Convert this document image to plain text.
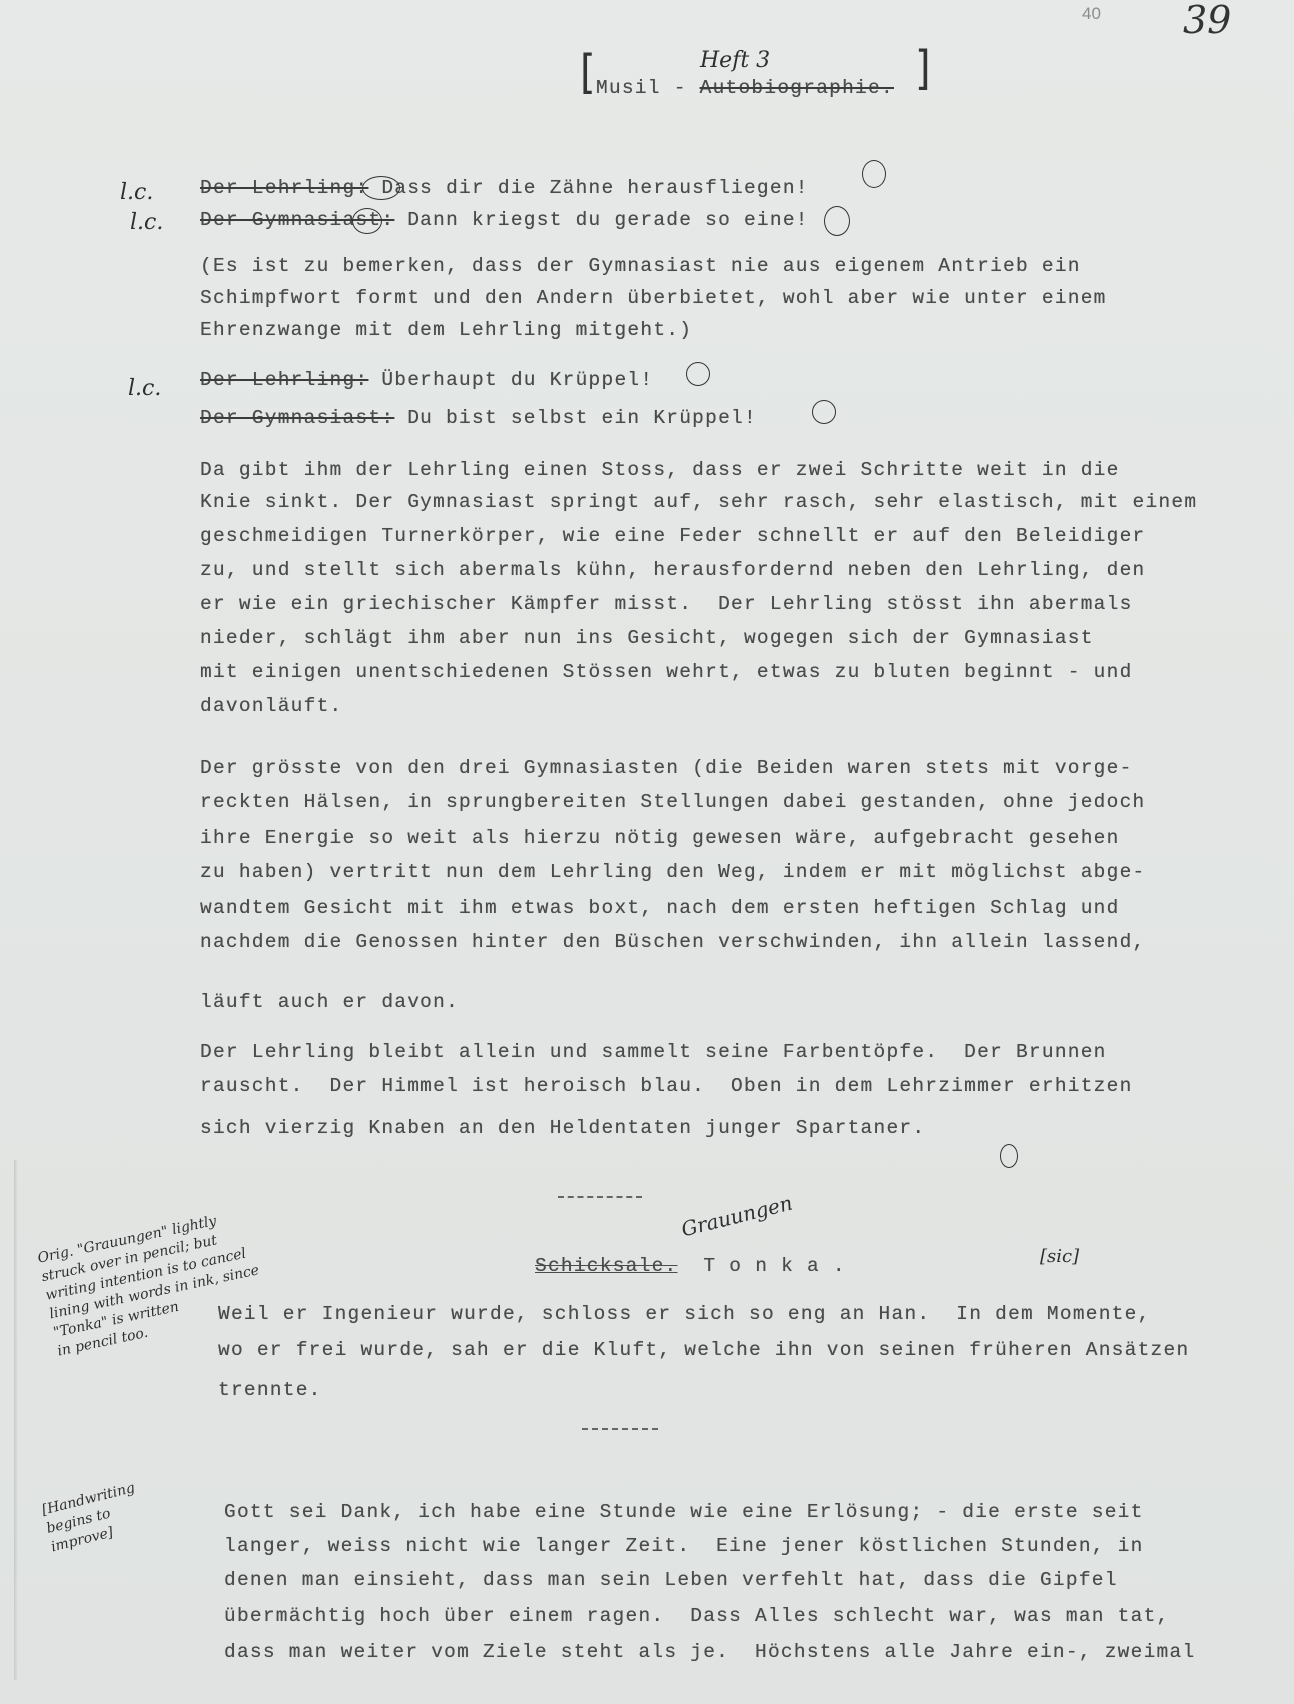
40 39
[ Musil - Autobiographie. ]
Heft 3
l.c. Der Lehrling: Dass dir die Zähne herausfliegen!
l.c. Der Gymnasiast: Dann kriegst du gerade so eine!
(Es ist zu bemerken, dass der Gymnasiast nie aus eigenem Antrieb ein
Schimpfwort formt und den Andern überbietet, wohl aber wie unter einem
Ehrenzwange mit dem Lehrling mitgeht.)
l.c. Der Lehrling: Überhaupt du Krüppel!
Der Gymnasiast: Du bist selbst ein Krüppel!
Da gibt ihm der Lehrling einen Stoss, dass er zwei Schritte weit in die
Knie sinkt. Der Gymnasiast springt auf, sehr rasch, sehr elastisch, mit einem
geschmeidigen Turnerkörper, wie eine Feder schnellt er auf den Beleidiger
zu, und stellt sich abermals kühn, herausfordernd neben den Lehrling, den
er wie ein griechischer Kämpfer misst.  Der Lehrling stösst ihn abermals
nieder, schlägt ihm aber nun ins Gesicht, wogegen sich der Gymnasiast
mit einigen unentschiedenen Stössen wehrt, etwas zu bluten beginnt - und
davonläuft.
Der grösste von den drei Gymnasiasten (die Beiden waren stets mit vorge-
reckten Hälsen, in sprungbereiten Stellungen dabei gestanden, ohne jedoch
ihre Energie so weit als hierzu nötig gewesen wäre, aufgebracht gesehen
zu haben) vertritt nun dem Lehrling den Weg, indem er mit möglichst abge-
wandtem Gesicht mit ihm etwas boxt, nach dem ersten heftigen Schlag und
nachdem die Genossen hinter den Büschen verschwinden, ihn allein lassend,
läuft auch er davon.
Der Lehrling bleibt allein und sammelt seine Farbentöpfe.  Der Brunnen
rauscht.  Der Himmel ist heroisch blau.  Oben in dem Lehrzimmer erhitzen
sich vierzig Knaben an den Heldentaten junger Spartaner.
Orig. "Grauungen" lightly
struck over in pencil; but
writing intention is to cancel
lining with words in ink, since
"Tonka" is written
in pencil too.
Grauungen
Schicksale. T o n k a .	[sic]
Weil er Ingenieur wurde, schloss er sich so eng an Han.  In dem Momente,
wo er frei wurde, sah er die Kluft, welche ihn von seinen früheren Ansätzen
trennte.
[Handwriting
begins to
improve]
Gott sei Dank, ich habe eine Stunde wie eine Erlösung; - die erste seit
langer, weiss nicht wie langer Zeit.  Eine jener köstlichen Stunden, in
denen man einsieht, dass man sein Leben verfehlt hat, dass die Gipfel
übermächtig hoch über einem ragen.  Dass Alles schlecht war, was man tat,
dass man weiter vom Ziele steht als je.  Höchstens alle Jahre ein-, zweimal
